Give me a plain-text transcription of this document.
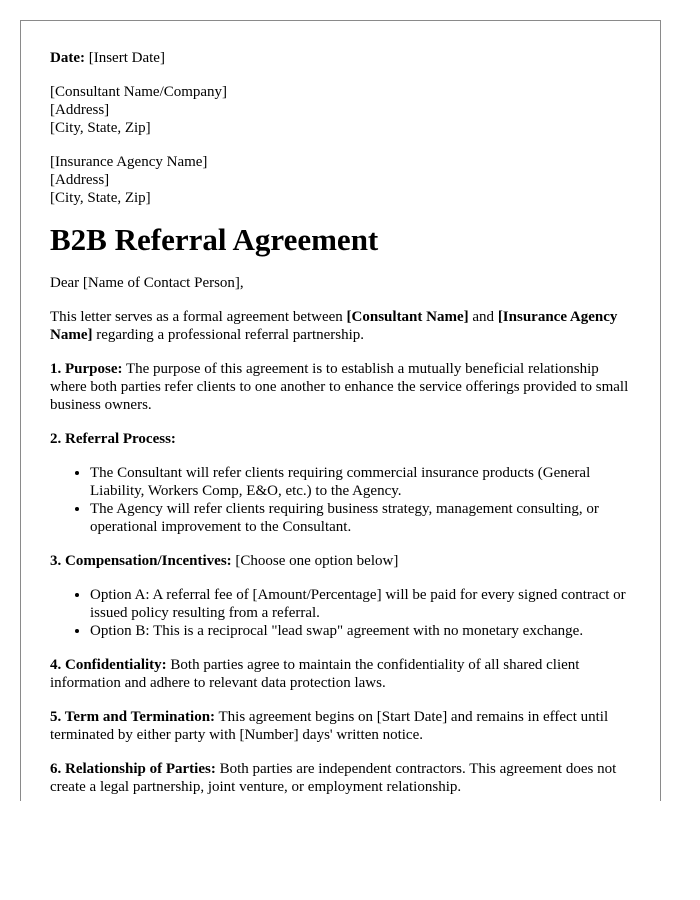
Date: [Insert Date]

[Consultant Name/Company]
[Address]
[City, State, Zip]

[Insurance Agency Name]
[Address]
[City, State, Zip]

B2B Referral Agreement

Dear [Name of Contact Person],

This letter serves as a formal agreement between [Consultant Name] and [Insurance Agency Name] regarding a professional referral partnership.

1. Purpose: The purpose of this agreement is to establish a mutually beneficial relationship where both parties refer clients to one another to enhance the service offerings provided to small business owners.

2. Referral Process:

• The Consultant will refer clients requiring commercial insurance products (General Liability, Workers Comp, E&O, etc.) to the Agency.
• The Agency will refer clients requiring business strategy, management consulting, or operational improvement to the Consultant.

3. Compensation/Incentives: [Choose one option below]

• Option A: A referral fee of [Amount/Percentage] will be paid for every signed contract or issued policy resulting from a referral.
• Option B: This is a reciprocal "lead swap" agreement with no monetary exchange.

4. Confidentiality: Both parties agree to maintain the confidentiality of all shared client information and adhere to relevant data protection laws.

5. Term and Termination: This agreement begins on [Start Date] and remains in effect until terminated by either party with [Number] days' written notice.

6. Relationship of Parties: Both parties are independent contractors. This agreement does not create a legal partnership, joint venture, or employment relationship.
